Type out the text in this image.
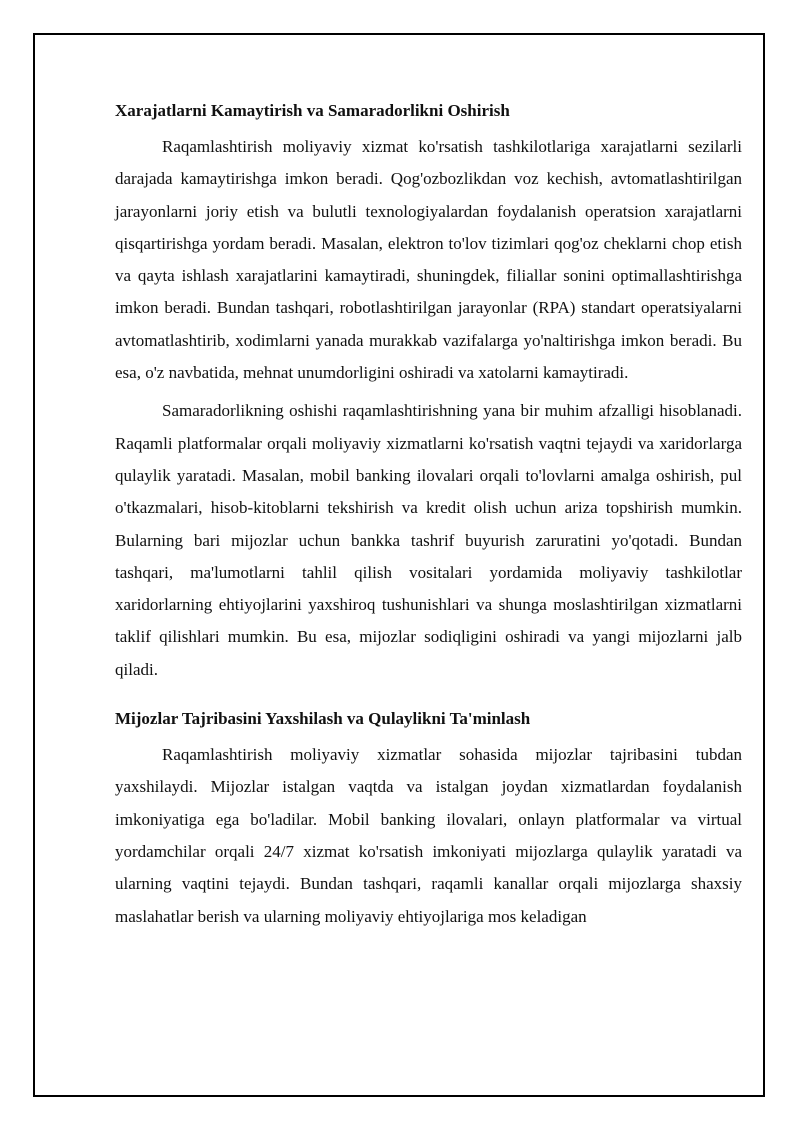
Xarajatlarni Kamaytirish va Samaradorlikni Oshirish

Raqamlashtirish moliyaviy xizmat ko'rsatish tashkilotlariga xarajatlarni sezilarli darajada kamaytirishga imkon beradi. Qog'ozbozlikdan voz kechish, avtomatlashtirilgan jarayonlarni joriy etish va bulutli texnologiyalardan foydalanish operatsion xarajatlarni qisqartirishga yordam beradi. Masalan, elektron to'lov tizimlari qog'oz cheklarni chop etish va qayta ishlash xarajatlarini kamaytiradi, shuningdek, filiallar sonini optimallashtirishga imkon beradi. Bundan tashqari, robotlashtirilgan jarayonlar (RPA) standart operatsiyalarni avtomatlashtirib, xodimlarni yanada murakkab vazifalarga yo'naltirishga imkon beradi. Bu esa, o'z navbatida, mehnat unumdorligini oshiradi va xatolarni kamaytiradi.

Samaradorlikning oshishi raqamlashtirishning yana bir muhim afzalligi hisoblanadi. Raqamli platformalar orqali moliyaviy xizmatlarni ko'rsatish vaqtni tejaydi va xaridorlarga qulaylik yaratadi. Masalan, mobil banking ilovalari orqali to'lovlarni amalga oshirish, pul o'tkazmalari, hisob-kitoblarni tekshirish va kredit olish uchun ariza topshirish mumkin. Bularning bari mijozlar uchun bankka tashrif buyurish zaruratini yo'qotadi. Bundan tashqari, ma'lumotlarni tahlil qilish vositalari yordamida moliyaviy tashkilotlar xaridorlarning ehtiyojlarini yaxshiroq tushunishlari va shunga moslashtirilgan xizmatlarni taklif qilishlari mumkin. Bu esa, mijozlar sodiqligini oshiradi va yangi mijozlarni jalb qiladi.

Mijozlar Tajribasini Yaxshilash va Qulaylikni Ta'minlash

Raqamlashtirish moliyaviy xizmatlar sohasida mijozlar tajribasini tubdan yaxshilaydi. Mijozlar istalgan vaqtda va istalgan joydan xizmatlardan foydalanish imkoniyatiga ega bo'ladilar. Mobil banking ilovalari, onlayn platformalar va virtual yordamchilar orqali 24/7 xizmat ko'rsatish imkoniyati mijozlarga qulaylik yaratadi va ularning vaqtini tejaydi. Bundan tashqari, raqamli kanallar orqali mijozlarga shaxsiy maslahatlar berish va ularning moliyaviy ehtiyojlariga mos keladigan
